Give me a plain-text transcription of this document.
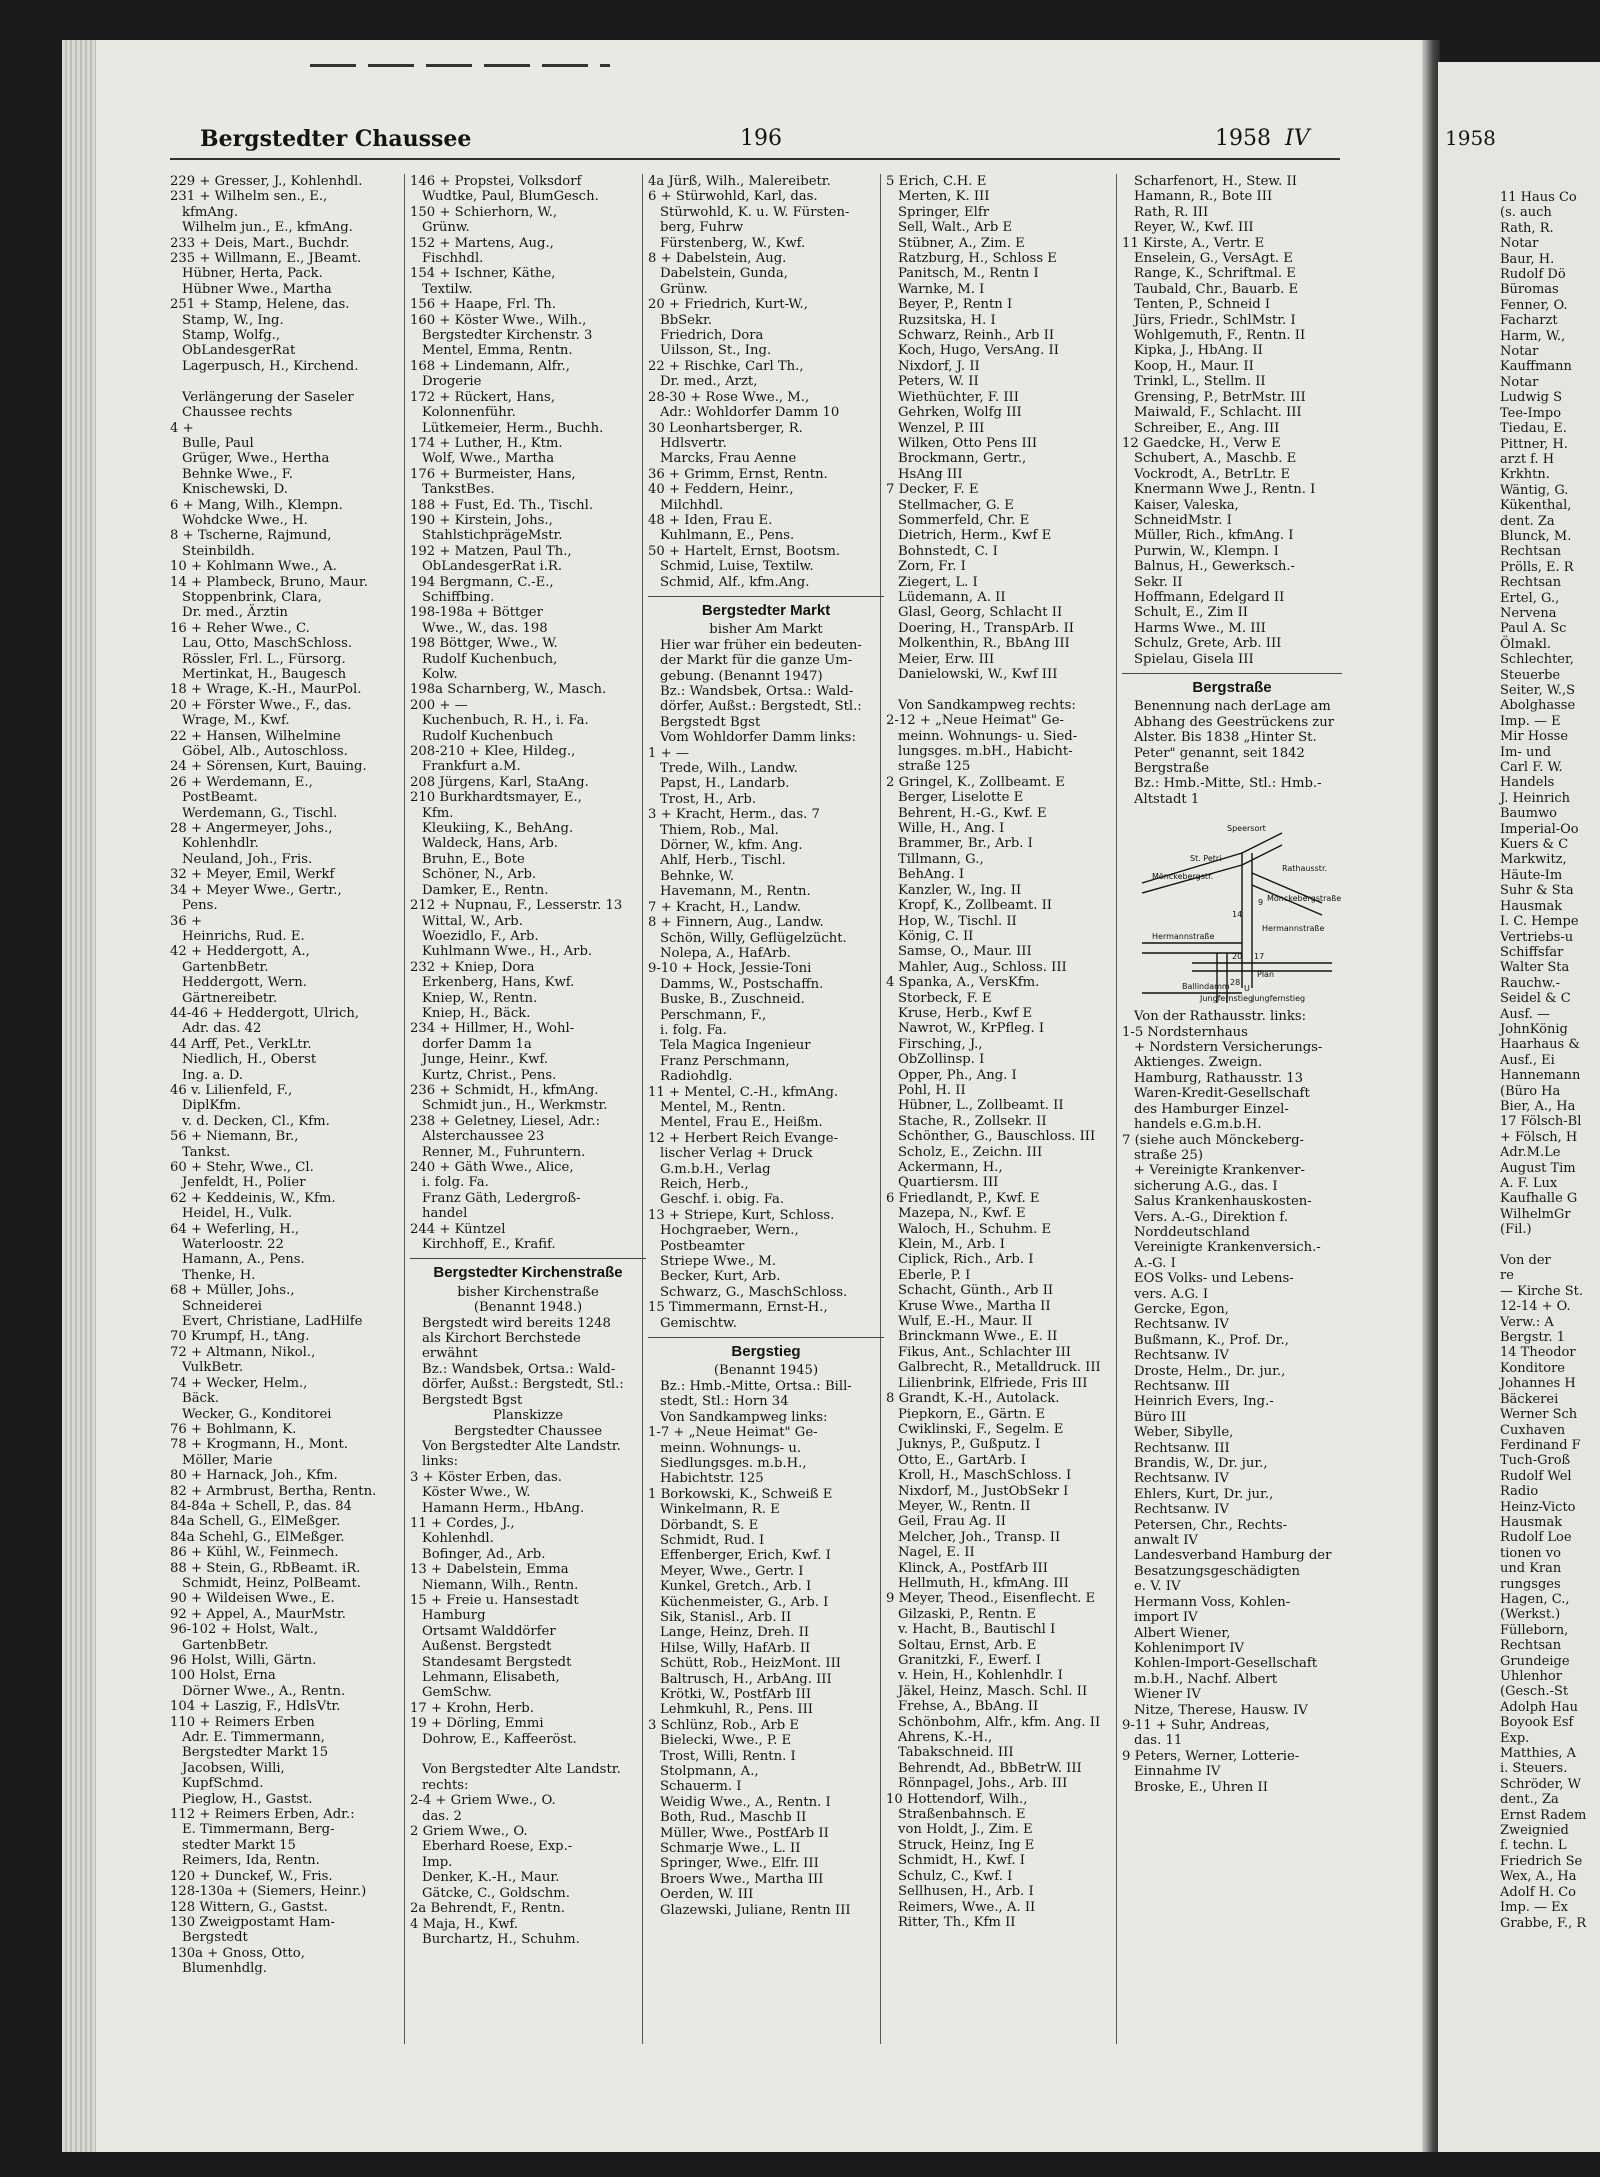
Bergstedter Chaussee	196	1958 IV
229 + Gresser, J., Kohlenhdl.
231 + Wilhelm sen., E.,
kfmAng.
Wilhelm jun., E., kfmAng.
233 + Deis, Mart., Buchdr.
235 + Willmann, E., JBeamt.
Hübner, Herta, Pack.
Hübner Wwe., Martha
251 + Stamp, Helene, das.
Stamp, W., Ing.
Stamp, Wolfg.,
ObLandesgerRat
Lagerpusch, H., Kirchend.

Verlängerung der Saseler
Chaussee rechts
4 +
Bulle, Paul
Grüger, Wwe., Hertha
Behnke Wwe., F.
Knischewski, D.
6 + Mang, Wilh., Klempn.
Wohdcke Wwe., H.
8 + Tscherne, Rajmund,
Steinbildh.
10 + Kohlmann Wwe., A.
14 + Plambeck, Bruno, Maur.
Stoppenbrink, Clara,
Dr. med., Ärztin
16 + Reher Wwe., C.
Lau, Otto, MaschSchloss.
Rössler, Frl. L., Fürsorg.
Mertinkat, H., Baugesch
18 + Wrage, K.-H., MaurPol.
20 + Förster Wwe., F., das.
Wrage, M., Kwf.
22 + Hansen, Wilhelmine
Göbel, Alb., Autoschloss.
24 + Sörensen, Kurt, Bauing.
26 + Werdemann, E.,
PostBeamt.
Werdemann, G., Tischl.
28 + Angermeyer, Johs.,
Kohlenhdlr.
Neuland, Joh., Fris.
32 + Meyer, Emil, Werkf
34 + Meyer Wwe., Gertr.,
Pens.
36 +
Heinrichs, Rud. E.
42 + Heddergott, A.,
GartenbBetr.
Heddergott, Wern.
Gärtnereibetr.
44-46 + Heddergott, Ulrich,
Adr. das. 42
44 Arff, Pet., VerkLtr.
Niedlich, H., Oberst
Ing. a. D.
46 v. Lilienfeld, F.,
DiplKfm.
v. d. Decken, Cl., Kfm.
56 + Niemann, Br.,
Tankst.
60 + Stehr, Wwe., Cl.
Jenfeldt, H., Polier
62 + Keddeinis, W., Kfm.
Heidel, H., Vulk.
64 + Weferling, H.,
Waterloostr. 22
Hamann, A., Pens.
Thenke, H.
68 + Müller, Johs.,
Schneiderei
Evert, Christiane, LadHilfe
70 Krumpf, H., tAng.
72 + Altmann, Nikol.,
VulkBetr.
74 + Wecker, Helm.,
Bäck.
Wecker, G., Konditorei
76 + Bohlmann, K.
78 + Krogmann, H., Mont.
Möller, Marie
80 + Harnack, Joh., Kfm.
82 + Armbrust, Bertha, Rentn.
84-84a + Schell, P., das. 84
84a Schell, G., ElMeßger.
84a Schehl, G., ElMeßger.
86 + Kühl, W., Feinmech.
88 + Stein, G., RbBeamt. iR.
Schmidt, Heinz, PolBeamt.
90 + Wildeisen Wwe., E.
92 + Appel, A., MaurMstr.
96-102 + Holst, Walt.,
GartenbBetr.
96 Holst, Willi, Gärtn.
100 Holst, Erna
Dörner Wwe., A., Rentn.
104 + Laszig, F., HdlsVtr.
110 + Reimers Erben
Adr. E. Timmermann,
Bergstedter Markt 15
Jacobsen, Willi,
KupfSchmd.
Pieglow, H., Gastst.
112 + Reimers Erben, Adr.:
E. Timmermann, Berg-
stedter Markt 15
Reimers, Ida, Rentn.
120 + Dunckef, W., Fris.
128-130a + (Siemers, Heinr.)
128 Wittern, G., Gastst.
130 Zweigpostamt Ham-
Bergstedt
130a + Gnoss, Otto,
Blumenhdlg.
146 + Propstei, Volksdorf
Wudtke, Paul, BlumGesch.
150 + Schierhorn, W.,
Grünw.
152 + Martens, Aug.,
Fischhdl.
154 + Ischner, Käthe,
Textilw.
156 + Haape, Frl. Th.
160 + Köster Wwe., Wilh.,
Bergstedter Kirchenstr. 3
Mentel, Emma, Rentn.
168 + Lindemann, Alfr.,
Drogerie
172 + Rückert, Hans,
Kolonnenführ.
Lütkemeier, Herm., Buchh.
174 + Luther, H., Ktm.
Wolf, Wwe., Martha
176 + Burmeister, Hans,
TankstBes.
188 + Fust, Ed. Th., Tischl.
190 + Kirstein, Johs.,
StahlstichprägeMstr.
192 + Matzen, Paul Th.,
ObLandesgerRat i.R.
194 Bergmann, C.-E.,
Schiffbing.
198-198a + Böttger
Wwe., W., das. 198
198 Böttger, Wwe., W.
Rudolf Kuchenbuch,
Kolw.
198a Scharnberg, W., Masch.
200 + —
Kuchenbuch, R. H., i. Fa.
Rudolf Kuchenbuch
208-210 + Klee, Hildeg.,
Frankfurt a.M.
208 Jürgens, Karl, StaAng.
210 Burkhardtsmayer, E.,
Kfm.
Kleukiing, K., BehAng.
Waldeck, Hans, Arb.
Bruhn, E., Bote
Schöner, N., Arb.
Damker, E., Rentn.
212 + Nupnau, F., Lesserstr. 13
Wittal, W., Arb.
Woezidlo, F., Arb.
Kuhlmann Wwe., H., Arb.
232 + Kniep, Dora
Erkenberg, Hans, Kwf.
Kniep, W., Rentn.
Kniep, H., Bäck.
234 + Hillmer, H., Wohl-
dorfer Damm 1a
Junge, Heinr., Kwf.
Kurtz, Christ., Pens.
236 + Schmidt, H., kfmAng.
Schmidt jun., H., Werkmstr.
238 + Geletney, Liesel, Adr.:
Alsterchaussee 23
Renner, M., Fuhruntern.
240 + Gäth Wwe., Alice,
i. folg. Fa.
Franz Gäth, Ledergroß-
handel
244 + Küntzel
Kirchhoff, E., Krafif.
Bergstedter Kirchenstraße
bisher Kirchenstraße
(Benannt 1948.)
Bergstedt wird bereits 1248
als Kirchort Berchstede
erwähnt
Bz.: Wandsbek, Ortsa.: Wald-
dörfer, Außst.: Bergstedt, Stl.:
Bergstedt Bgst
Planskizze
Bergstedter Chaussee
Von Bergstedter Alte Landstr.
links:
3 + Köster Erben, das.
Köster Wwe., W.
Hamann Herm., HbAng.
11 + Cordes, J.,
Kohlenhdl.
Bofinger, Ad., Arb.
13 + Dabelstein, Emma
Niemann, Wilh., Rentn.
15 + Freie u. Hansestadt
Hamburg
Ortsamt Walddörfer
Außenst. Bergstedt
Standesamt Bergstedt
Lehmann, Elisabeth,
GemSchw.
17 + Krohn, Herb.
19 + Dörling, Emmi
Dohrow, E., Kaffeeröst.

Von Bergstedter Alte Landstr.
rechts:
2-4 + Griem Wwe., O.
das. 2
2 Griem Wwe., O.
Eberhard Roese, Exp.-
Imp.
Denker, K.-H., Maur.
Gätcke, C., Goldschm.
2a Behrendt, F., Rentn.
4 Maja, H., Kwf.
Burchartz, H., Schuhm.
4a Jürß, Wilh., Malereibetr.
6 + Stürwohld, Karl, das.
Stürwohld, K. u. W. Fürsten-
berg, Fuhrw
Fürstenberg, W., Kwf.
8 + Dabelstein, Aug.
Dabelstein, Gunda,
Grünw.
20 + Friedrich, Kurt-W.,
BbSekr.
Friedrich, Dora
Uilsson, St., Ing.
22 + Rischke, Carl Th.,
Dr. med., Arzt,
28-30 + Rose Wwe., M.,
Adr.: Wohldorfer Damm 10
30 Leonhartsberger, R.
Hdlsvertr.
Marcks, Frau Aenne
36 + Grimm, Ernst, Rentn.
40 + Feddern, Heinr.,
Milchhdl.
48 + Iden, Frau E.
Kuhlmann, E., Pens.
50 + Hartelt, Ernst, Bootsm.
Schmid, Luise, Textilw.
Schmid, Alf., kfm.Ang.
Bergstedter Markt
bisher Am Markt
Hier war früher ein bedeuten-
der Markt für die ganze Um-
gebung. (Benannt 1947)
Bz.: Wandsbek, Ortsa.: Wald-
dörfer, Außst.: Bergstedt, Stl.:
Bergstedt Bgst
Vom Wohldorfer Damm links:
1 + —
Trede, Wilh., Landw.
Papst, H., Landarb.
Trost, H., Arb.
3 + Kracht, Herm., das. 7
Thiem, Rob., Mal.
Dörner, W., kfm. Ang.
Ahlf, Herb., Tischl.
Behnke, W.
Havemann, M., Rentn.
7 + Kracht, H., Landw.
8 + Finnern, Aug., Landw.
Schön, Willy, Geflügelzücht.
Nolepa, A., HafArb.
9-10 + Hock, Jessie-Toni
Damms, W., Postschaffn.
Buske, B., Zuschneid.
Perschmann, F.,
i. folg. Fa.
Tela Magica Ingenieur
Franz Perschmann,
Radiohdlg.
11 + Mentel, C.-H., kfmAng.
Mentel, M., Rentn.
Mentel, Frau E., Heißm.
12 + Herbert Reich Evange-
lischer Verlag + Druck
G.m.b.H., Verlag
Reich, Herb.,
Geschf. i. obig. Fa.
13 + Striepe, Kurt, Schloss.
Hochgraeber, Wern.,
Postbeamter
Striepe Wwe., M.
Becker, Kurt, Arb.
Schwarz, G., MaschSchloss.
15 Timmermann, Ernst-H.,
Gemischtw.
Bergstieg
(Benannt 1945)
Bz.: Hmb.-Mitte, Ortsa.: Bill-
stedt, Stl.: Horn 34
Von Sandkampweg links:
1-7 + „Neue Heimat" Ge-
meinn. Wohnungs- u.
Siedlungsges. m.b.H.,
Habichtstr. 125
1 Borkowski, K., Schweiß E
Winkelmann, R. E
Dörbandt, S. E
Schmidt, Rud. I
Effenberger, Erich, Kwf. I
Meyer, Wwe., Gertr. I
Kunkel, Gretch., Arb. I
Küchenmeister, G., Arb. I
Sik, Stanisl., Arb. II
Lange, Heinz, Dreh. II
Hilse, Willy, HafArb. II
Schütt, Rob., HeizMont. III
Baltrusch, H., ArbAng. III
Krötki, W., PostfArb III
Lehmkuhl, R., Pens. III
3 Schlünz, Rob., Arb E
Bielecki, Wwe., P. E
Trost, Willi, Rentn. I
Stolpmann, A.,
Schauerm. I
Weidig Wwe., A., Rentn. I
Both, Rud., Maschb II
Müller, Wwe., PostfArb II
Schmarje Wwe., L. II
Springer, Wwe., Elfr. III
Broers Wwe., Martha III
Oerden, W. III
Glazewski, Juliane, Rentn III
5 Erich, C.H. E
Merten, K. III
Springer, Elfr
Sell, Walt., Arb E
Stübner, A., Zim. E
Ratzburg, H., Schloss E
Panitsch, M., Rentn I
Warnke, M. I
Beyer, P., Rentn I
Ruzsitska, H. I
Schwarz, Reinh., Arb II
Koch, Hugo, VersAng. II
Nixdorf, J. II
Peters, W. II
Wiethüchter, F. III
Gehrken, Wolfg III
Wenzel, P. III
Wilken, Otto Pens III
Brockmann, Gertr.,
HsAng III
7 Decker, F. E
Stellmacher, G. E
Sommerfeld, Chr. E
Dietrich, Herm., Kwf E
Bohnstedt, C. I
Zorn, Fr. I
Ziegert, L. I
Lüdemann, A. II
Glasl, Georg, Schlacht II
Doering, H., TranspArb. II
Molkenthin, R., BbAng III
Meier, Erw. III
Danielowski, W., Kwf III

Von Sandkampweg rechts:
2-12 + „Neue Heimat" Ge-
meinn. Wohnungs- u. Sied-
lungsges. m.bH., Habicht-
straße 125
2 Gringel, K., Zollbeamt. E
Berger, Liselotte E
Behrent, H.-G., Kwf. E
Wille, H., Ang. I
Brammer, Br., Arb. I
Tillmann, G.,
BehAng. I
Kanzler, W., Ing. II
Kropf, K., Zollbeamt. II
Hop, W., Tischl. II
König, C. II
Samse, O., Maur. III
Mahler, Aug., Schloss. III
4 Spanka, A., VersKfm.
Storbeck, F. E
Kruse, Herb., Kwf E
Nawrot, W., KrPfleg. I
Firsching, J.,
ObZollinsp. I
Opper, Ph., Ang. I
Pohl, H. II
Hübner, L., Zollbeamt. II
Stache, R., Zollsekr. II
Schönther, G., Bauschloss. III
Scholz, E., Zeichn. III
Ackermann, H.,
Quartiersm. III
6 Friedlandt, P., Kwf. E
Mazepa, N., Kwf. E
Waloch, H., Schuhm. E
Klein, M., Arb. I
Ciplick, Rich., Arb. I
Eberle, P. I
Schacht, Günth., Arb II
Kruse Wwe., Martha II
Wulf, E.-H., Maur. II
Brinckmann Wwe., E. II
Fikus, Ant., Schlachter III
Galbrecht, R., Metalldruck. III
Lilienbrink, Elfriede, Fris III
8 Grandt, K.-H., Autolack.
Piepkorn, E., Gärtn. E
Cwiklinski, F., Segelm. E
Juknys, P., Gußputz. I
Otto, E., GartArb. I
Kroll, H., MaschSchloss. I
Nixdorf, M., JustObSekr I
Meyer, W., Rentn. II
Geil, Frau Ag. II
Melcher, Joh., Transp. II
Nagel, E. II
Klinck, A., PostfArb III
Hellmuth, H., kfmAng. III
9 Meyer, Theod., Eisenflecht. E
Gilzaski, P., Rentn. E
v. Hacht, B., Bautischl I
Soltau, Ernst, Arb. E
Granitzki, F., Ewerf. I
v. Hein, H., Kohlenhdlr. I
Jäkel, Heinz, Masch. Schl. II
Frehse, A., BbAng. II
Schönbohm, Alfr., kfm. Ang. II
Ahrens, K.-H.,
Tabakschneid. III
Behrendt, Ad., BbBetrW. III
Rönnpagel, Johs., Arb. III
10 Hottendorf, Wilh.,
Straßenbahnsch. E
von Holdt, J., Zim. E
Struck, Heinz, Ing E
Schmidt, H., Kwf. I
Schulz, C., Kwf. I
Sellhusen, H., Arb. I
Reimers, Wwe., A. II
Ritter, Th., Kfm II
Scharfenort, H., Stew. II
Hamann, R., Bote III
Rath, R. III
Reyer, W., Kwf. III
11 Kirste, A., Vertr. E
Enselein, G., VersAgt. E
Range, K., Schriftmal. E
Taubald, Chr., Bauarb. E
Tenten, P., Schneid I
Jürs, Friedr., SchlMstr. I
Wohlgemuth, F., Rentn. II
Kipka, J., HbAng. II
Koop, H., Maur. II
Trinkl, L., Stellm. II
Grensing, P., BetrMstr. III
Maiwald, F., Schlacht. III
Schreiber, E., Ang. III
12 Gaedcke, H., Verw E
Schubert, A., Maschb. E
Vockrodt, A., BetrLtr. E
Knermann Wwe J., Rentn. I
Kaiser, Valeska,
SchneidMstr. I
Müller, Rich., kfmAng. I
Purwin, W., Klempn. I
Balnus, H., Gewerksch.-
Sekr. II
Hoffmann, Edelgard II
Schult, E., Zim II
Harms Wwe., M. III
Schulz, Grete, Arb. III
Spielau, Gisela III
Bergstraße
Benennung nach derLage am
Abhang des Geestrückens zur
Alster. Bis 1838 „Hinter St.
Peter" genannt, seit 1842
Bergstraße
Bz.: Hmb.-Mitte, Stl.: Hmb.-
Altstadt 1
Speersort
St. Petri
Mönckebergstr.
Rathausstr.
Mönckebergstraße
Hermannstraße
Hermannstraße
Ballindamm
Plan
Jungfernstieg
Jungfernstieg
9
14
20 17
28
U
Von der Rathausstr. links:
1-5 Nordsternhaus
+ Nordstern Versicherungs-
Aktienges. Zweign.
Hamburg, Rathausstr. 13
Waren-Kredit-Gesellschaft
des Hamburger Einzel-
handels e.G.m.b.H.
7 (siehe auch Mönckeberg-
straße 25)
+ Vereinigte Krankenver-
sicherung A.G., das. I
Salus Krankenhauskosten-
Vers. A.-G., Direktion f.
Norddeutschland
Vereinigte Krankenversich.-
A.-G. I
EOS Volks- und Lebens-
vers. A.G. I
Gercke, Egon,
Rechtsanw. IV
Bußmann, K., Prof. Dr.,
Rechtsanw. IV
Droste, Helm., Dr. jur.,
Rechtsanw. III
Heinrich Evers, Ing.-
Büro III
Weber, Sibylle,
Rechtsanw. III
Brandis, W., Dr. jur.,
Rechtsanw. IV
Ehlers, Kurt, Dr. jur.,
Rechtsanw. IV
Petersen, Chr., Rechts-
anwalt IV
Landesverband Hamburg der
Besatzungsgeschädigten
e. V. IV
Hermann Voss, Kohlen-
import IV
Albert Wiener,
Kohlenimport IV
Kohlen-Import-Gesellschaft
m.b.H., Nachf. Albert
Wiener IV
Nitze, Therese, Hausw. IV
9-11 + Suhr, Andreas,
das. 11
9 Peters, Werner, Lotterie-
Einnahme IV
Broske, E., Uhren II
1958
11 Haus Co
(s. auch
Rath, R.
Notar
Baur, H.
Rudolf Dö
Büromas
Fenner, O.
Facharzt
Harm, W.,
Notar
Kauffmann
Notar
Ludwig S
Tee-Impo
Tiedau, E.
Pittner, H.
arzt f. H
Krkhtn.
Wäntig, G.
Kükenthal,
dent. Za
Blunck, M.
Rechtsan
Prölls, E. R
Rechtsan
Ertel, G.,
Nervena
Paul A. Sc
Ölmakl.
Schlechter,
Steuerbe
Seiter, W.,S
Abolghasse
Imp. — E
Mir Hosse
Im- und
Carl F. W.
Handels
J. Heinrich
Baumwo
Imperial-Oo
Kuers & C
Markwitz,
Häute-Im
Suhr & Sta
Hausmak
I. C. Hempe
Vertriebs-u
Schiffsfar
Walter Sta
Rauchw.-
Seidel & C
Ausf. —
JohnKönig
Haarhaus &
Ausf., Ei
Hannemann
(Büro Ha
Bier, A., Ha
17 Fölsch-Bl
+ Fölsch, H
Adr.M.Le
August Tim
A. F. Lux
Kaufhalle G
WilhelmGr
(Fil.)

Von der
re
— Kirche St.
12-14 + O.
Verw.: A
Bergstr. 1
14 Theodor
Konditore
Johannes H
Bäckerei
Werner Sch
Cuxhaven
Ferdinand F
Tuch-Groß
Rudolf Wel
Radio
Heinz-Victo
Hausmak
Rudolf Loe
tionen vo
und Kran
rungsges
Hagen, C.,
(Werkst.)
Fülleborn,
Rechtsan
Grundeige
Uhlenhor
(Gesch.-St
Adolph Hau
Boyook Esf
Exp.
Matthies, A
i. Steuers.
Schröder, W
dent., Za
Ernst Radem
Zweignied
f. techn. L
Friedrich Se
Wex, A., Ha
Adolf H. Co
Imp. — Ex
Grabbe, F., R
